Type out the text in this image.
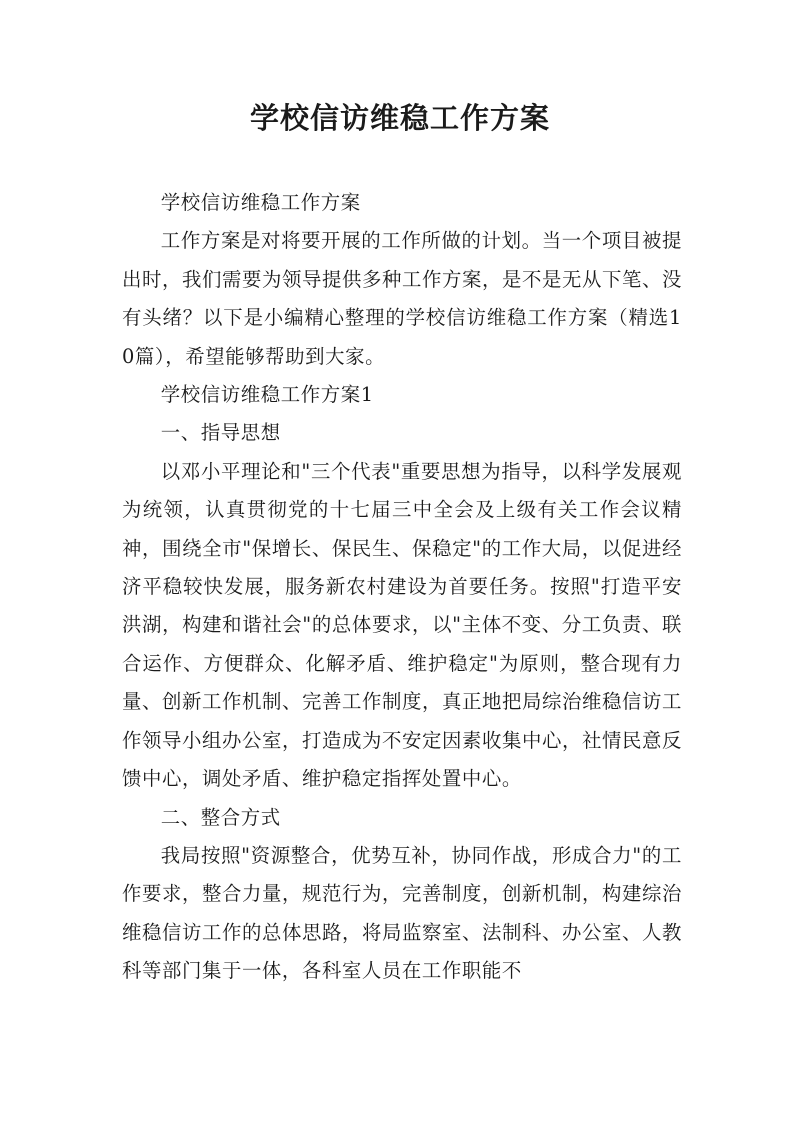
学校信访维稳工作方案

学校信访维稳工作方案

工作方案是对将要开展的工作所做的计划。当一个项目被提出时，我们需要为领导提供多种工作方案，是不是无从下笔、没有头绪？以下是小编精心整理的学校信访维稳工作方案（精选10篇），希望能够帮助到大家。

学校信访维稳工作方案1

一、指导思想

以邓小平理论和"三个代表"重要思想为指导，以科学发展观为统领，认真贯彻党的十七届三中全会及上级有关工作会议精神，围绕全市"保增长、保民生、保稳定"的工作大局，以促进经济平稳较快发展，服务新农村建设为首要任务。按照"打造平安洪湖，构建和谐社会"的总体要求，以"主体不变、分工负责、联合运作、方便群众、化解矛盾、维护稳定"为原则，整合现有力量、创新工作机制、完善工作制度，真正地把局综治维稳信访工作领导小组办公室，打造成为不安定因素收集中心，社情民意反馈中心，调处矛盾、维护稳定指挥处置中心。

二、整合方式

我局按照"资源整合，优势互补，协同作战，形成合力"的工作要求，整合力量，规范行为，完善制度，创新机制，构建综治维稳信访工作的总体思路，将局监察室、法制科、办公室、人教科等部门集于一体，各科室人员在工作职能不
